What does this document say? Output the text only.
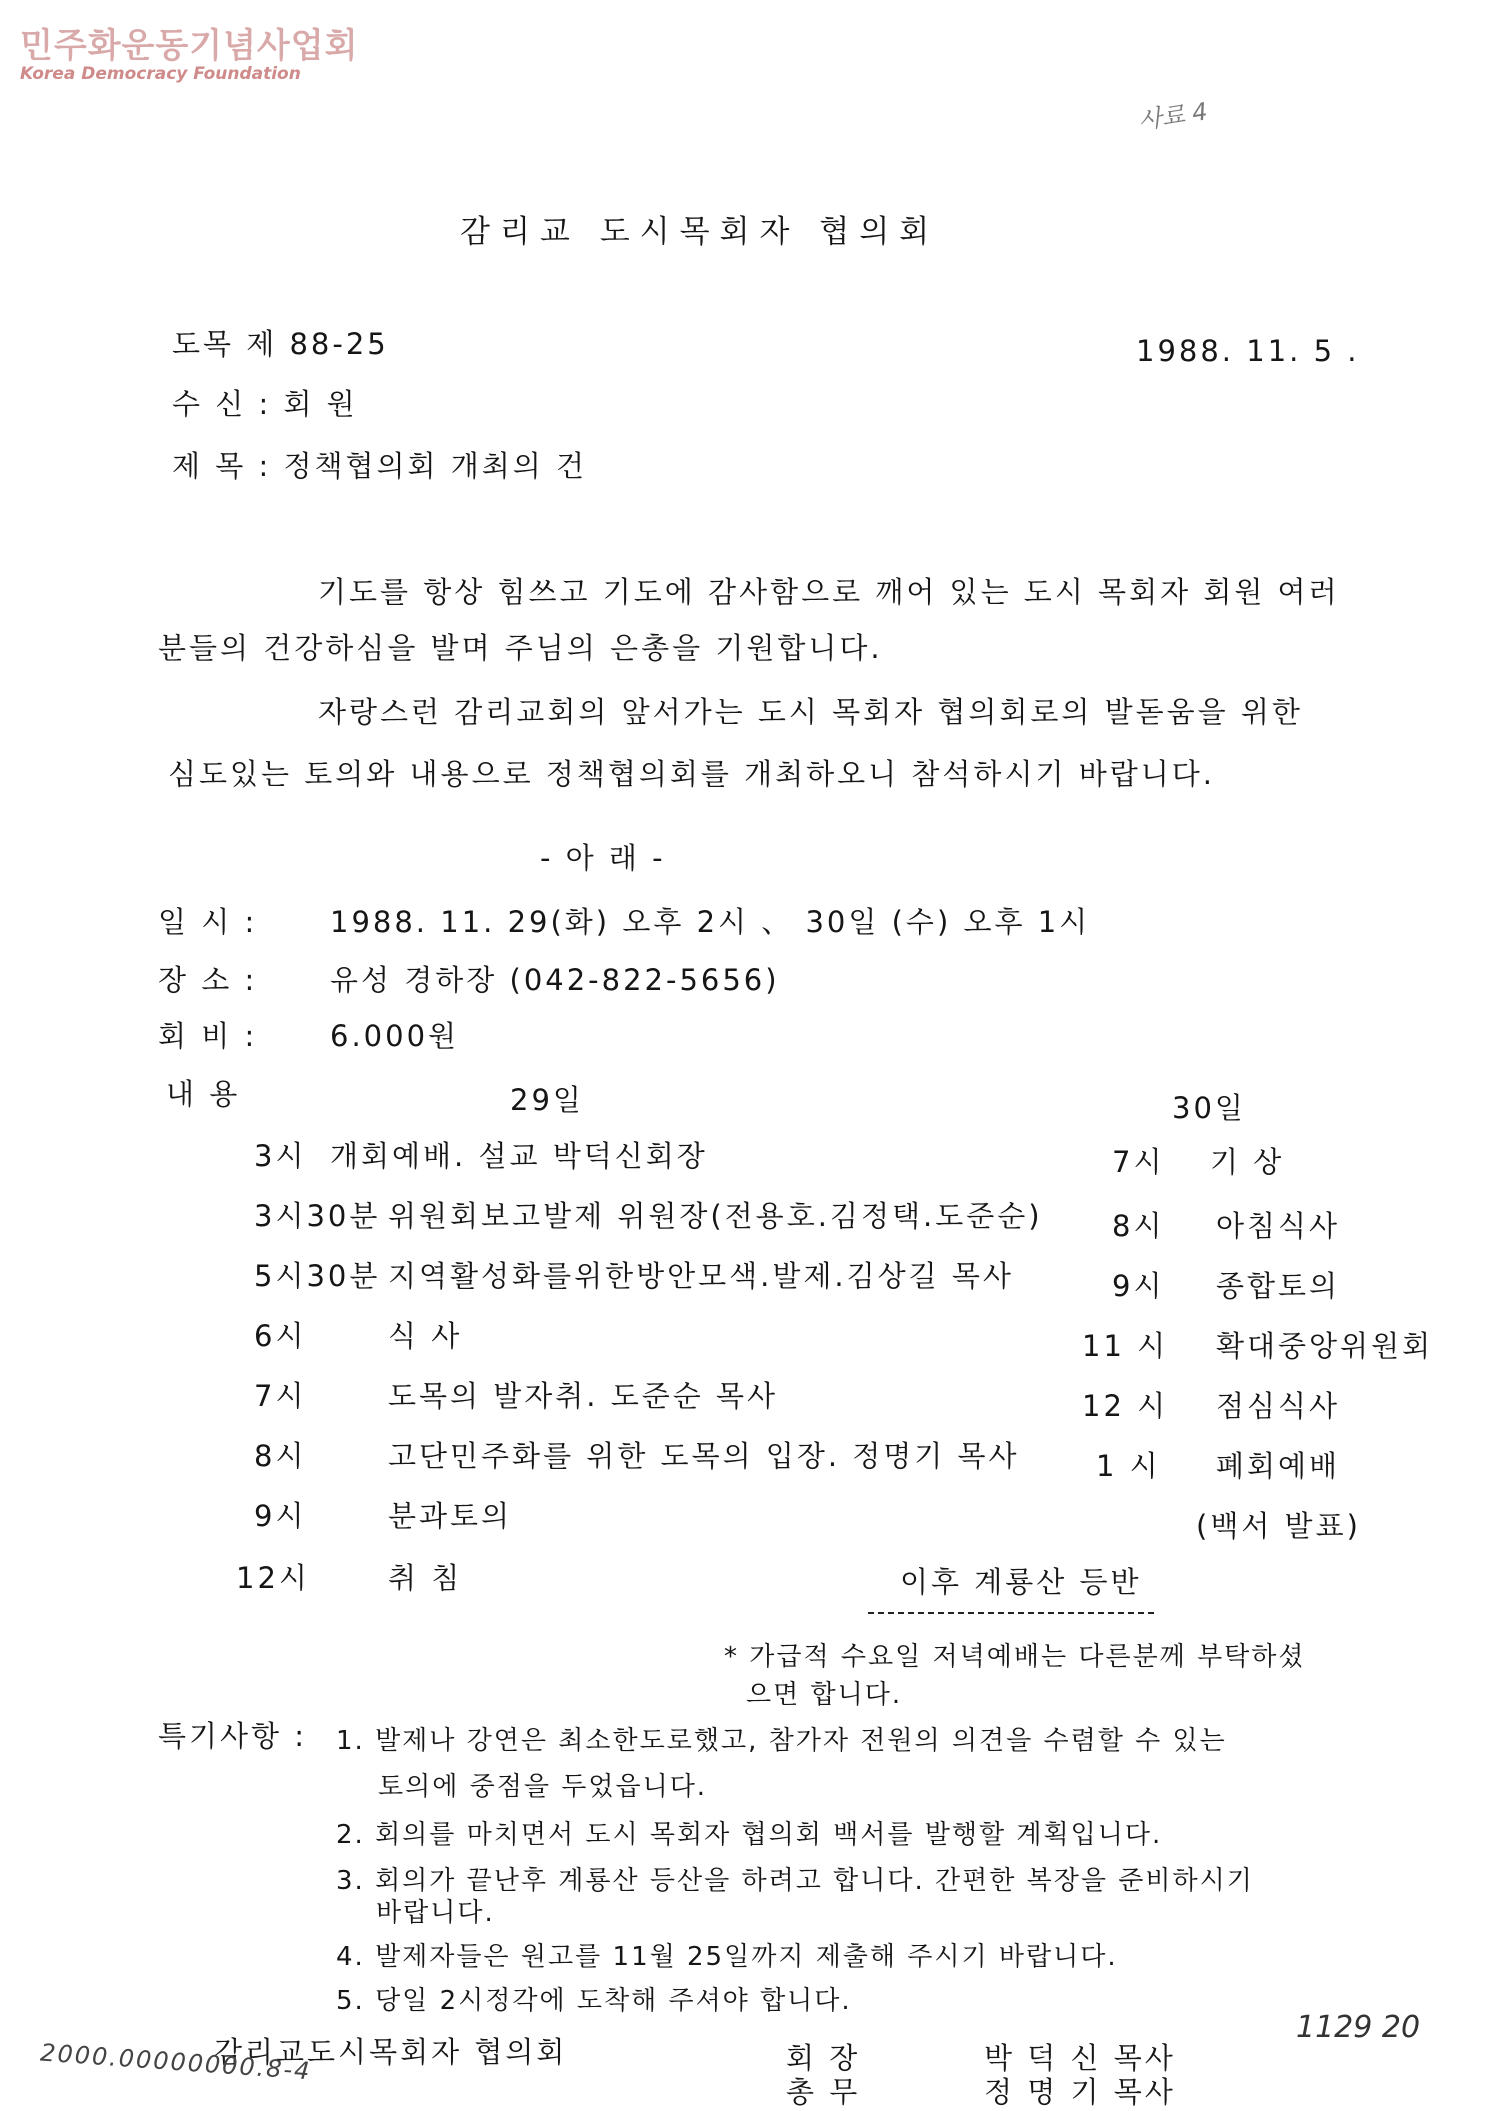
민주화운동기념사업회
Korea Democracy Foundation
사료 4
감리교 도시목회자 협의회
도목 제 88-25	1988. 11. 5 .
수 신 : 회 원
제 목 : 정책협의회 개최의 건
기도를 항상 힘쓰고 기도에 감사함으로 깨어 있는 도시 목회자 회원 여러
분들의 건강하심을 발며 주님의 은총을 기원합니다.
자랑스런 감리교회의 앞서가는 도시 목회자 협의회로의 발돋움을 위한
심도있는 토의와 내용으로 정책협의회를 개최하오니 참석하시기 바랍니다.
- 아 래 -
일 시 :	1988. 11. 29(화) 오후 2시 、 30일 (수) 오후 1시
장 소 :	유성 경하장 (042-822-5656)
회 비 :	6.000원
내 용	29일	30일
3시 개회예배. 설교 박덕신회장
3시30분 위원회보고발제 위원장(전용호.김정택.도준순)
5시30분 지역활성화를위한방안모색.발제.김상길 목사
6시	식 사
7시	도목의 발자취. 도준순 목사
8시	고단민주화를 위한 도목의 입장. 정명기 목사
9시	분과토의
12시	취 침
7시 기 상
8시 아침식사
9시 종합토의
11 시 확대중앙위원회
12 시 점심식사
1 시 폐회예배
(백서 발표)
이후 계룡산 등반
* 가급적 수요일 저녁예배는 다른분께 부탁하셨
으면 합니다.
특기사항 : 1. 발제나 강연은 최소한도로했고, 참가자 전원의 의견을 수렴할 수 있는
토의에 중점을 두었읍니다.
2. 회의를 마치면서 도시 목회자 협의회 백서를 발행할 계획입니다.
3. 회의가 끝난후 계룡산 등산을 하려고 합니다. 간편한 복장을 준비하시기
바랍니다.
4. 발제자들은 원고를 11월 25일까지 제출해 주시기 바랍니다.
5. 당일 2시정각에 도착해 주셔야 합니다.
감리교도시목회자 협의회	회 장	박 덕 신 목사
총 무	정 명 기 목사
1129 20
2000.00000000.8-4
